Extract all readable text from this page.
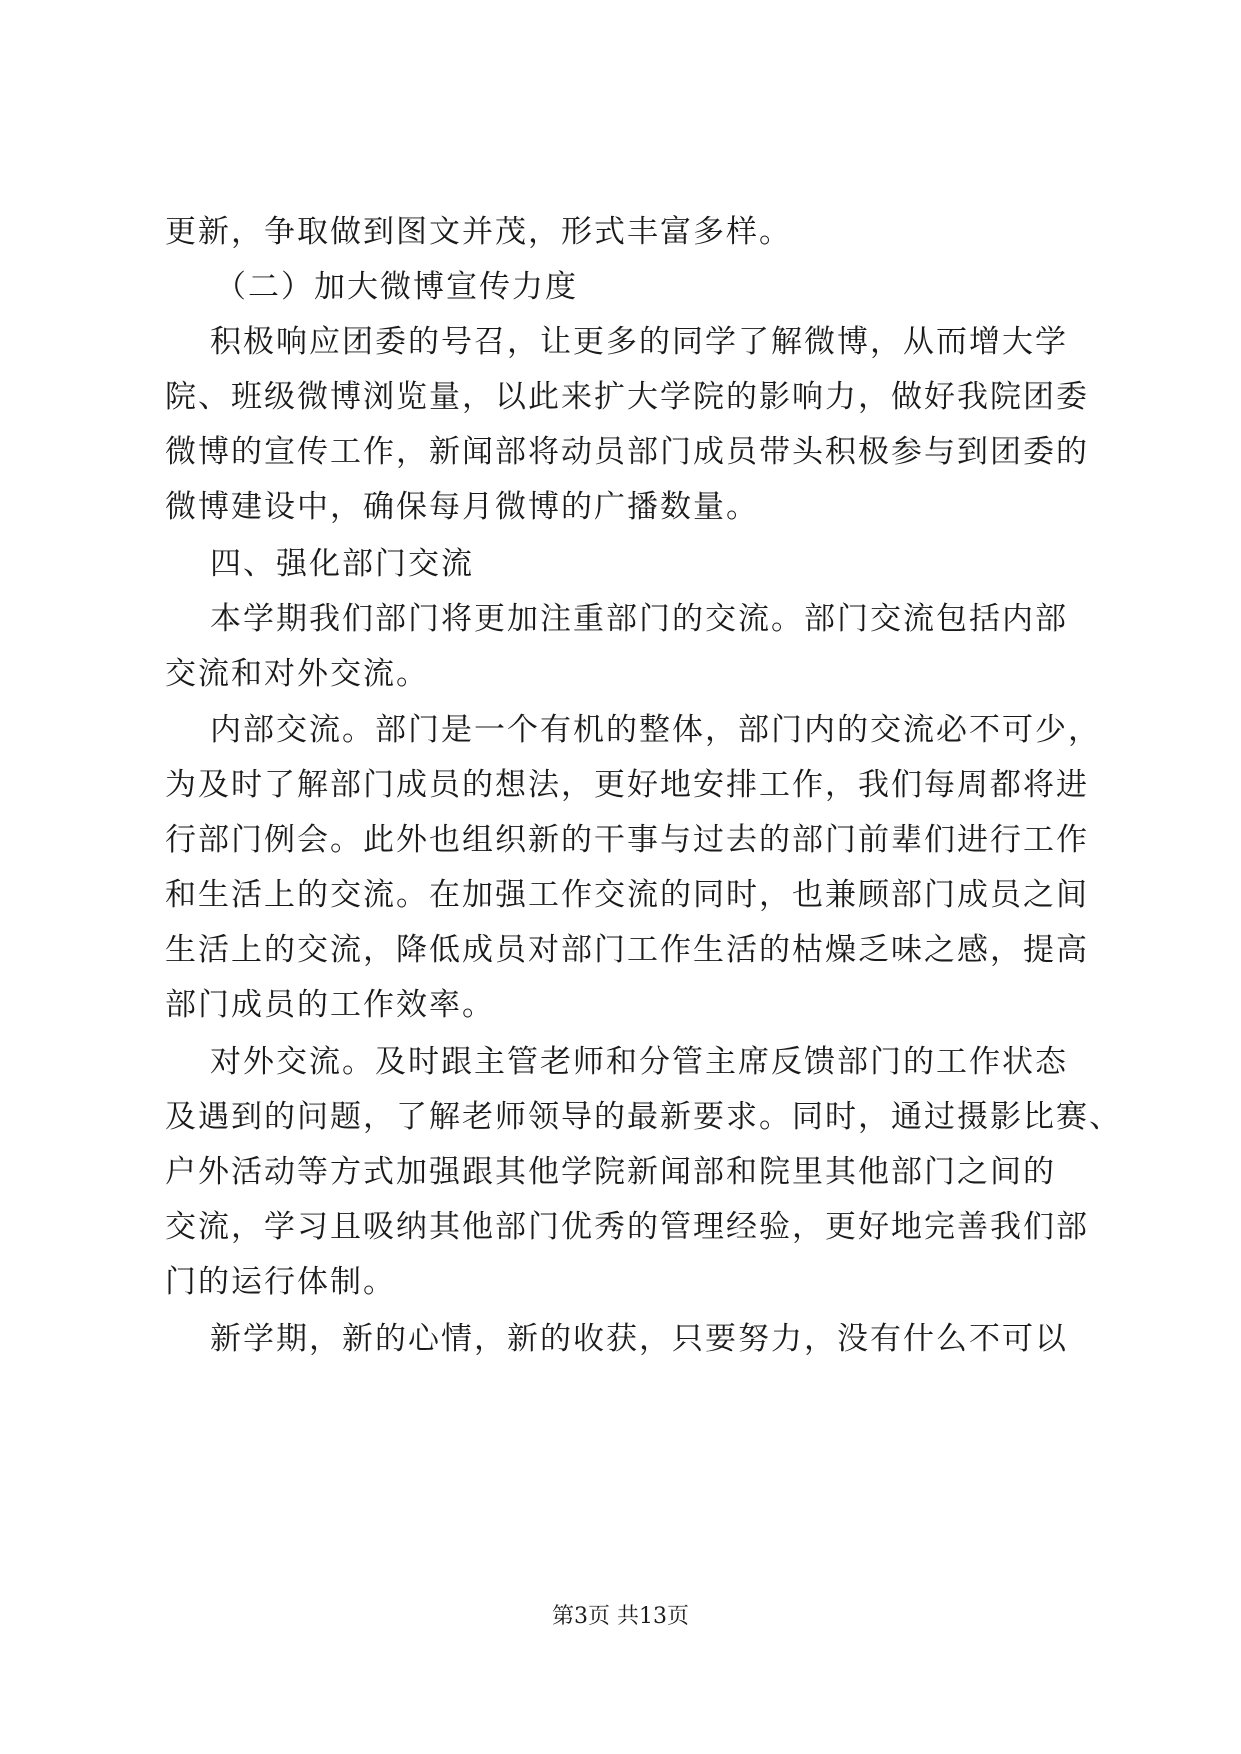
更新，争取做到图文并茂，形式丰富多样。
（二）加大微博宣传力度
积极响应团委的号召，让更多的同学了解微博，从而增大学
院、班级微博浏览量，以此来扩大学院的影响力，做好我院团委
微博的宣传工作，新闻部将动员部门成员带头积极参与到团委的
微博建设中，确保每月微博的广播数量。
四、强化部门交流
本学期我们部门将更加注重部门的交流。部门交流包括内部
交流和对外交流。
内部交流。部门是一个有机的整体，部门内的交流必不可少，
为及时了解部门成员的想法，更好地安排工作，我们每周都将进
行部门例会。此外也组织新的干事与过去的部门前辈们进行工作
和生活上的交流。在加强工作交流的同时，也兼顾部门成员之间
生活上的交流，降低成员对部门工作生活的枯燥乏味之感，提高
部门成员的工作效率。
对外交流。及时跟主管老师和分管主席反馈部门的工作状态
及遇到的问题，了解老师领导的最新要求。同时，通过摄影比赛、
户外活动等方式加强跟其他学院新闻部和院里其他部门之间的
交流，学习且吸纳其他部门优秀的管理经验，更好地完善我们部
门的运行体制。
新学期，新的心情，新的收获，只要努力，没有什么不可以
第3页 共13页
